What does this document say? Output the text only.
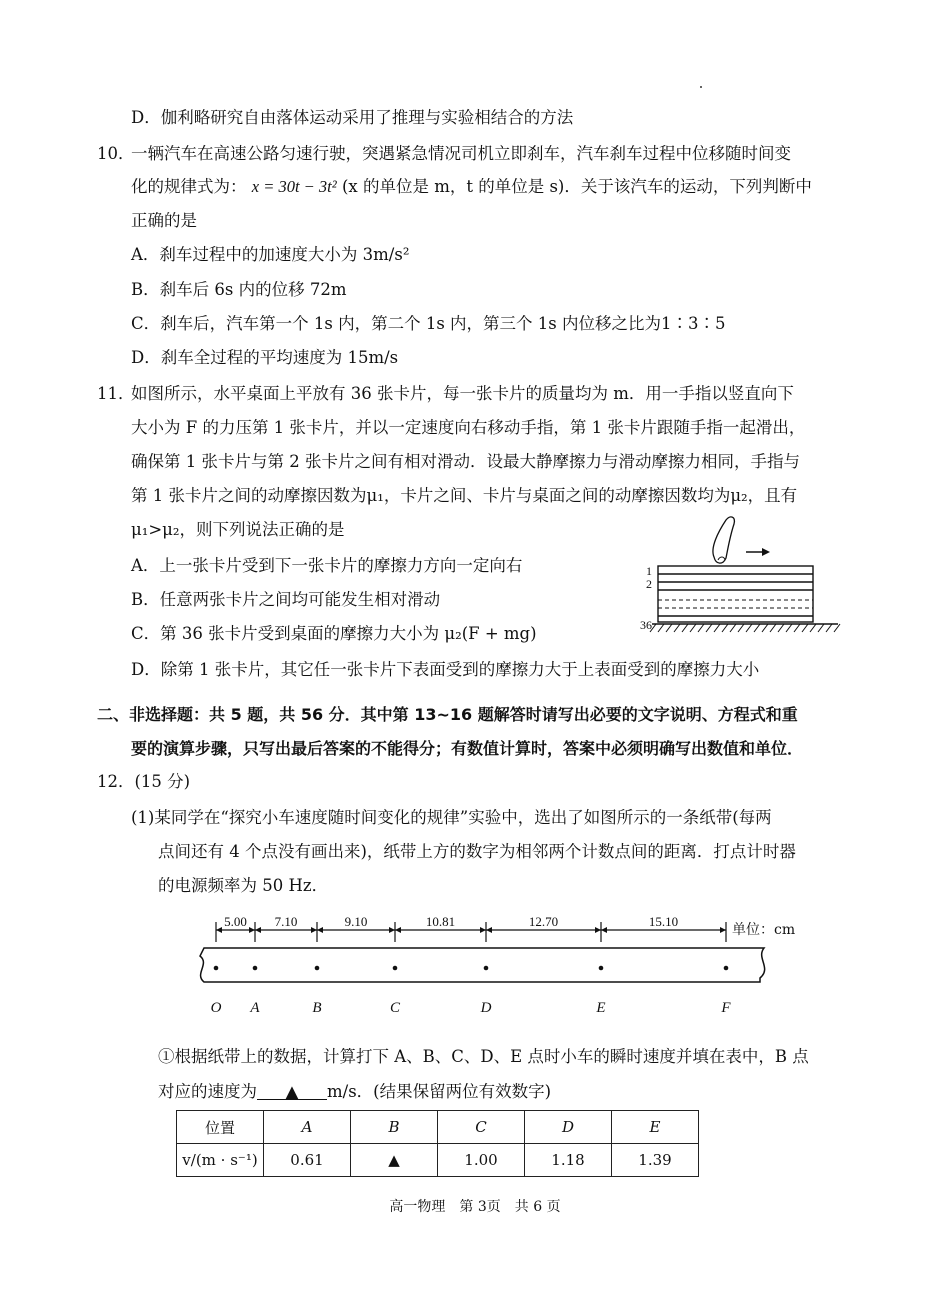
D．伽利略研究自由落体运动采用了推理与实验相结合的方法
10．
一辆汽车在高速公路匀速行驶，突遇紧急情况司机立即刹车，汽车刹车过程中位移随时间变
化的规律式为： x = 30t − 3t² (x 的单位是 m，t 的单位是 s)．关于该汽车的运动，下列判断中
正确的是
A．刹车过程中的加速度大小为 3m/s²
B．刹车后 6s 内的位移 72m
C．刹车后，汽车第一个 1s 内，第二个 1s 内，第三个 1s 内位移之比为1∶3∶5
D．刹车全过程的平均速度为 15m/s
11．
如图所示，水平桌面上平放有 36 张卡片，每一张卡片的质量均为 m．用一手指以竖直向下
大小为 F 的力压第 1 张卡片，并以一定速度向右移动手指，第 1 张卡片跟随手指一起滑出，
确保第 1 张卡片与第 2 张卡片之间有相对滑动．设最大静摩擦力与滑动摩擦力相同，手指与
第 1 张卡片之间的动摩擦因数为μ₁，卡片之间、卡片与桌面之间的动摩擦因数均为μ₂，且有
μ₁>μ₂，则下列说法正确的是
A．上一张卡片受到下一张卡片的摩擦力方向一定向右
B．任意两张卡片之间均可能发生相对滑动
C．第 36 张卡片受到桌面的摩擦力大小为 μ₂(F + mg)
D．除第 1 张卡片，其它任一张卡片下表面受到的摩擦力大于上表面受到的摩擦力大小
1
2
36
二、非选择题：共 5 题，共 56 分．其中第 13~16 题解答时请写出必要的文字说明、方程式和重
要的演算步骤，只写出最后答案的不能得分；有数值计算时，答案中必须明确写出数值和单位．
12．(15 分)
(1)某同学在“探究小车速度随时间变化的规律”实验中，选出了如图所示的一条纸带(每两
点间还有 4 个点没有画出来)，纸带上方的数字为相邻两个计数点间的距离．打点计时器
的电源频率为 50 Hz．
O A	B	C	D	E	F
5.00 7.10	9.10	10.81	12.70	15.10
单位：cm
①根据纸带上的数据，计算打下 A、B、C、D、E 点时小车的瞬时速度并填在表中，B 点
对应的速度为 ▲ m/s．(结果保留两位有效数字)
位置	A	B	C	D	E
v/(m · s⁻¹)	0.61	▲	1.00	1.18	1.39
高一物理　第 3页　共 6 页
